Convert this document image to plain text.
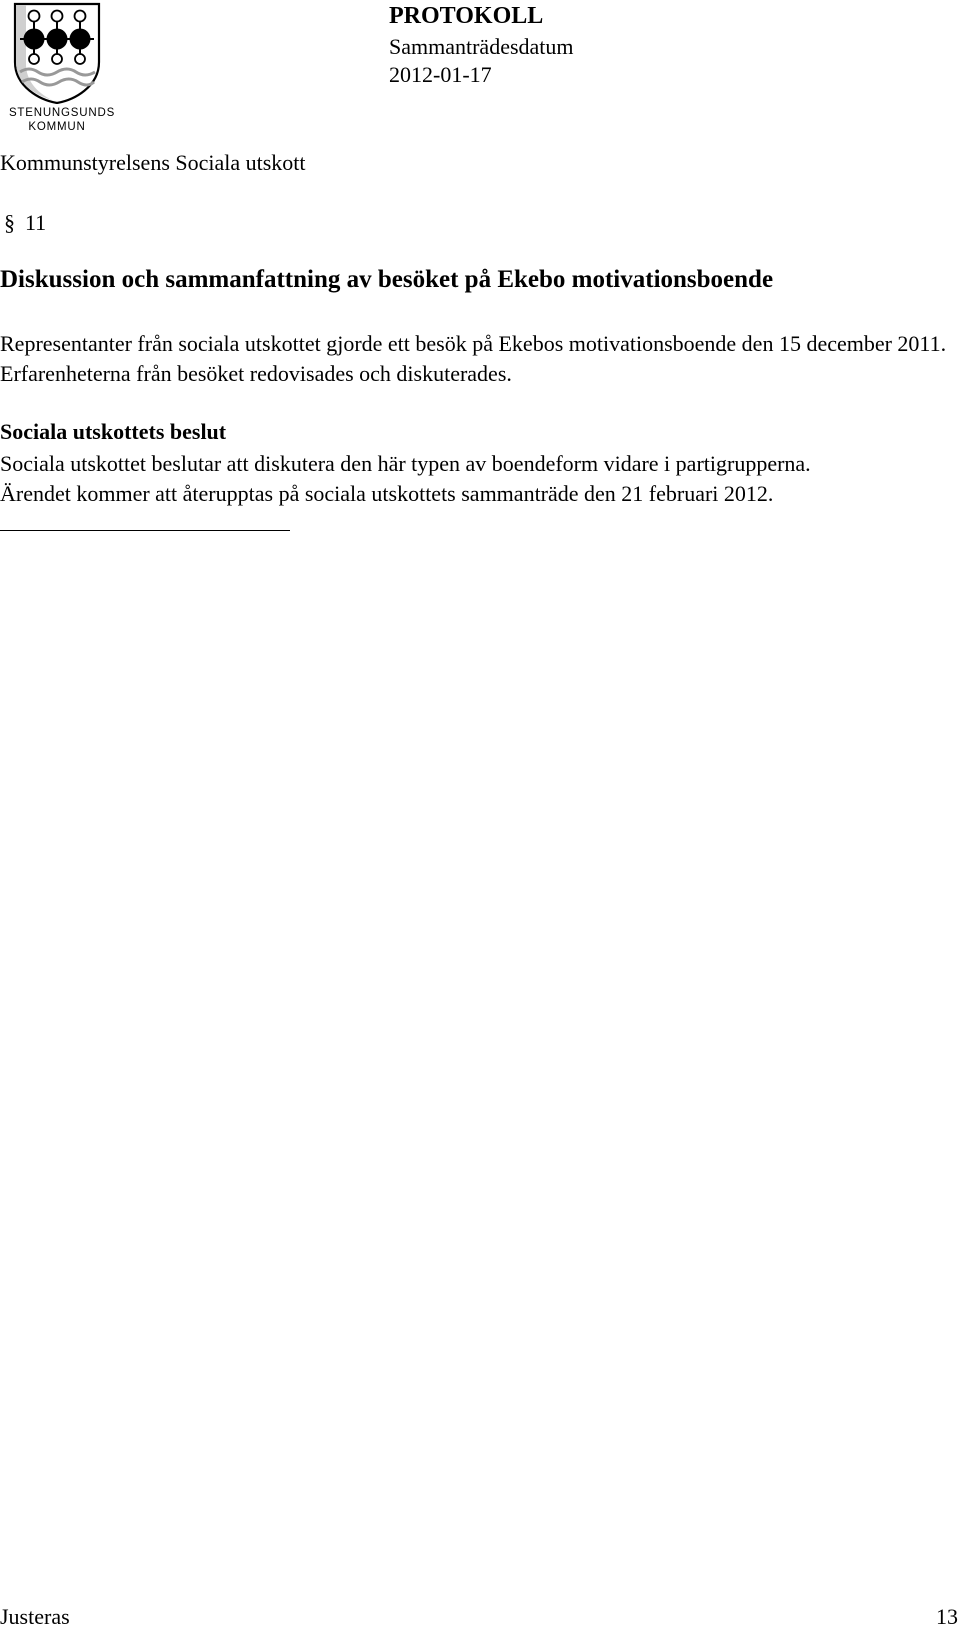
STENUNGSUNDS
KOMMUN
PROTOKOLL
Sammanträdesdatum
2012-01-17
Kommunstyrelsens Sociala utskott
§ 11
Diskussion och sammanfattning av besöket på Ekebo motivationsboende
Representanter från sociala utskottet gjorde ett besök på Ekebos motivationsboende den 15 december 2011. Erfarenheterna från besöket redovisades och diskuterades.
Sociala utskottets beslut
Sociala utskottet beslutar att diskutera den här typen av boendeform vidare i partigrupperna.
Ärendet kommer att återupptas på sociala utskottets sammanträde den 21 februari 2012.
Justeras	13
